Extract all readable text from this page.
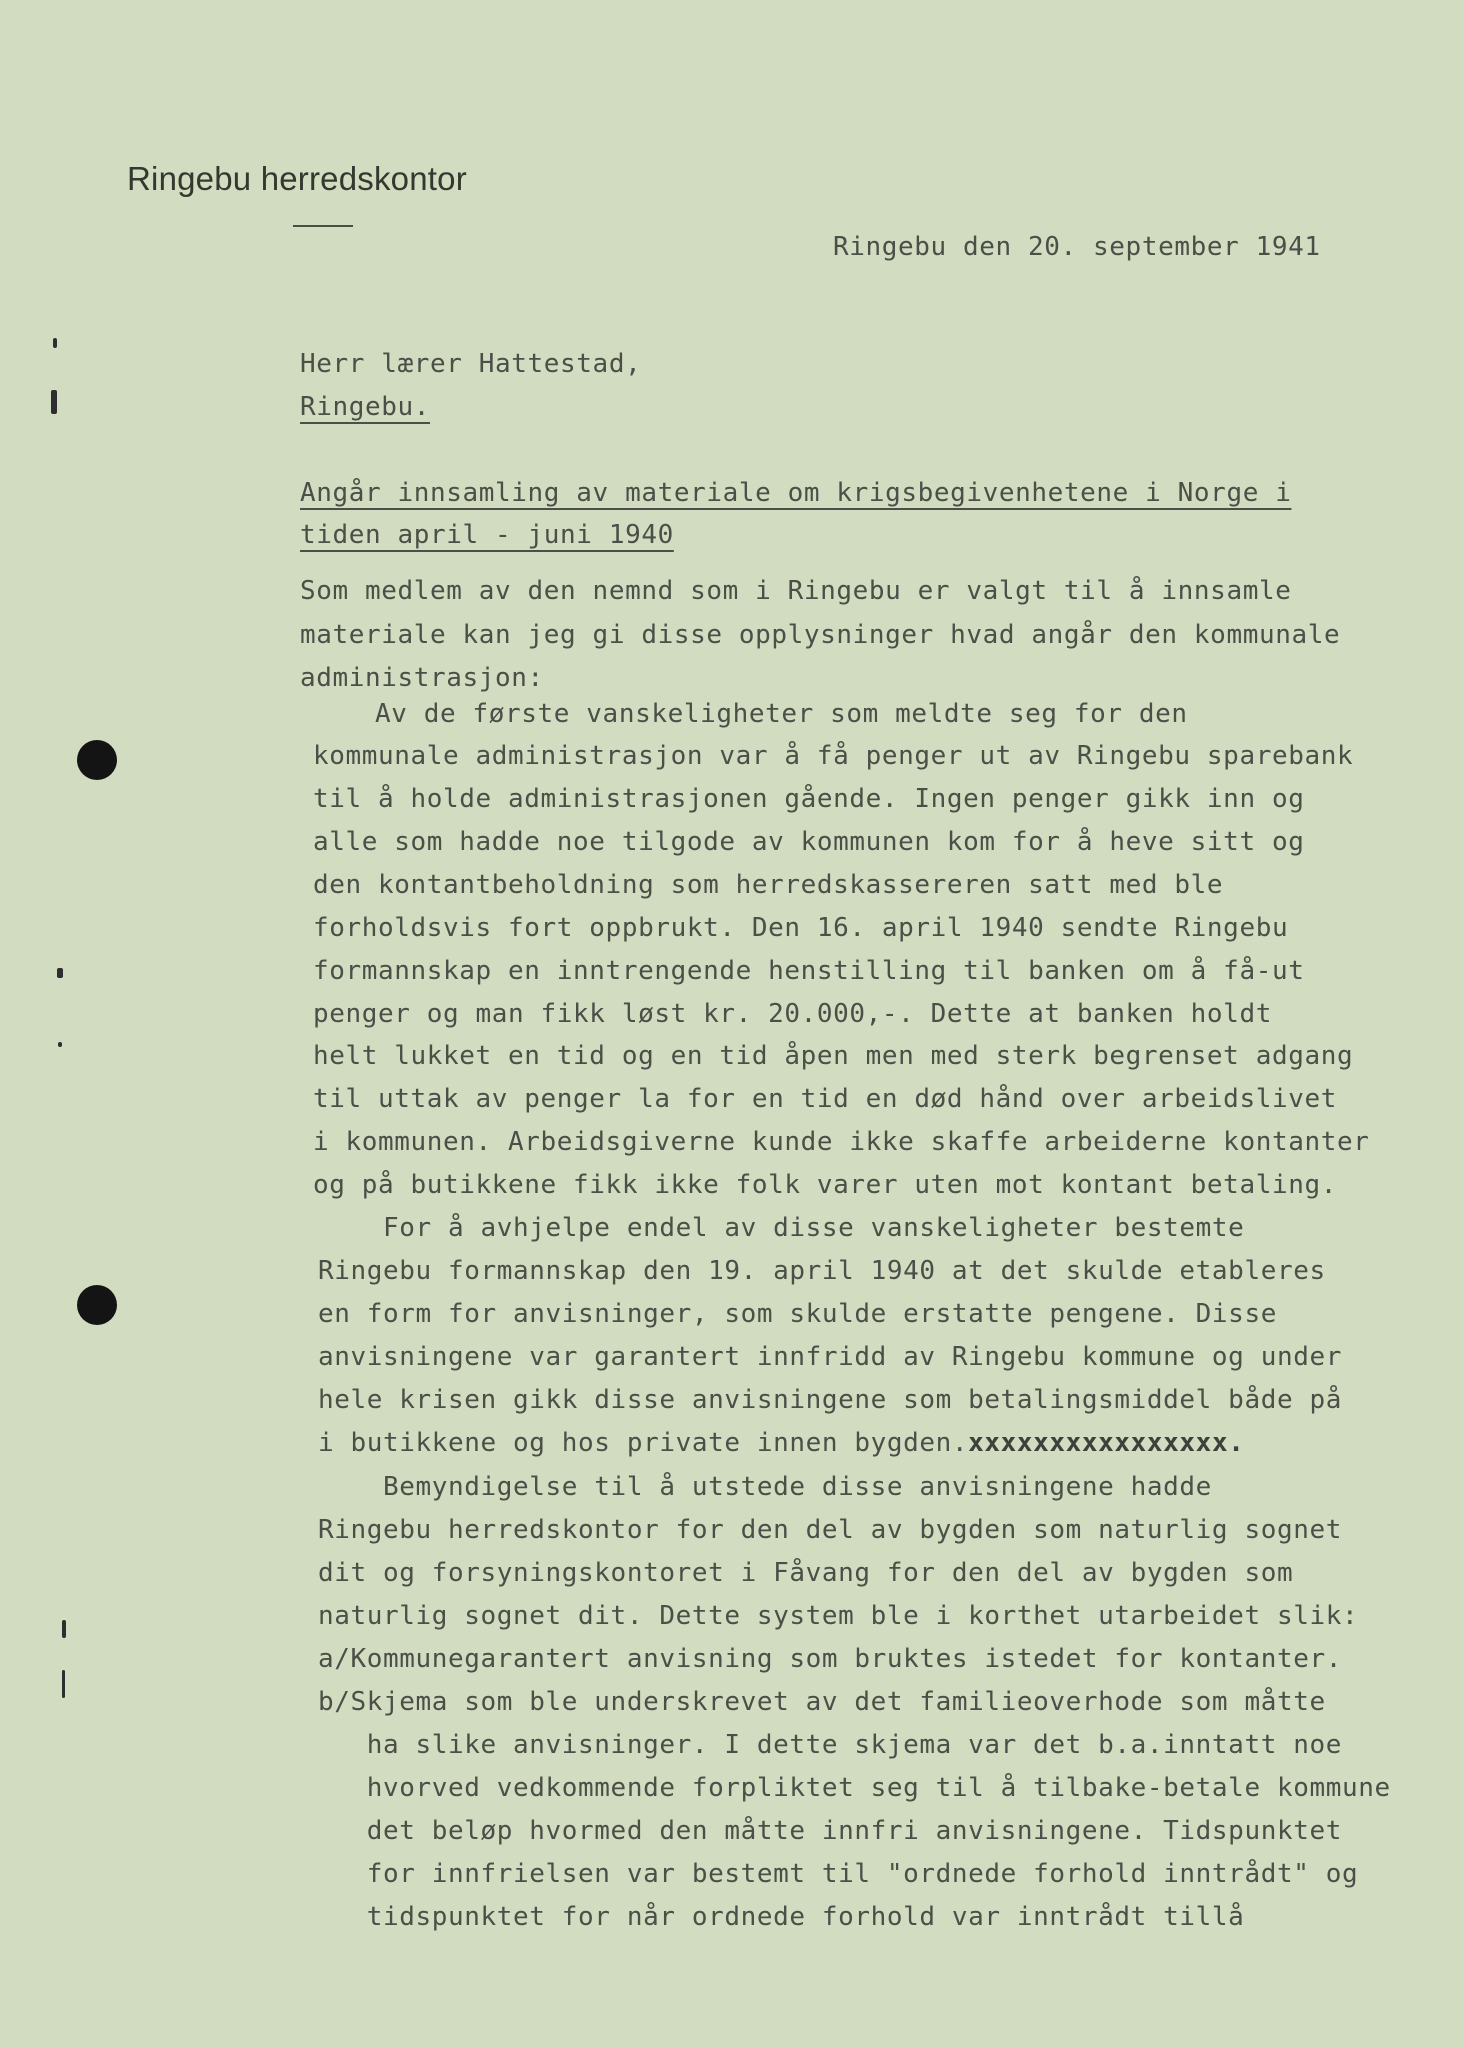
Ringebu herredskontor
Ringebu den 20. september 1941
Herr lærer Hattestad,
Ringebu.
Angår innsamling av materiale om krigsbegivenhetene i Norge i
tiden april - juni 1940
Som medlem av den nemnd som i Ringebu er valgt til å innsamle
materiale kan jeg gi disse opplysninger hvad angår den kommunale
administrasjon:
Av de første vanskeligheter som meldte seg for den
kommunale administrasjon var å få penger ut av Ringebu sparebank
til å holde administrasjonen gående. Ingen penger gikk inn og
alle som hadde noe tilgode av kommunen kom for å heve sitt og
den kontantbeholdning som herredskassereren satt med ble
forholdsvis fort oppbrukt. Den 16. april 1940 sendte Ringebu
formannskap en inntrengende henstilling til banken om å få-ut
penger og man fikk løst kr. 20.000,-. Dette at banken holdt
helt lukket en tid og en tid åpen men med sterk begrenset adgang
til uttak av penger la for en tid en død hånd over arbeidslivet
i kommunen. Arbeidsgiverne kunde ikke skaffe arbeiderne kontanter
og på butikkene fikk ikke folk varer uten mot kontant betaling.
For å avhjelpe endel av disse vanskeligheter bestemte
Ringebu formannskap den 19. april 1940 at det skulde etableres
en form for anvisninger, som skulde erstatte pengene. Disse
anvisningene var garantert innfridd av Ringebu kommune og under
hele krisen gikk disse anvisningene som betalingsmiddel både på
i butikkene og hos private innen bygden.xxxxxxxxxxxxxxxx.
Bemyndigelse til å utstede disse anvisningene hadde
Ringebu herredskontor for den del av bygden som naturlig sognet
dit og forsyningskontoret i Fåvang for den del av bygden som
naturlig sognet dit. Dette system ble i korthet utarbeidet slik:
a/Kommunegarantert anvisning som bruktes istedet for kontanter.
b/Skjema som ble underskrevet av det familieoverhode som måtte
ha slike anvisninger. I dette skjema var det b.a.inntatt noe
hvorved vedkommende forpliktet seg til å tilbake-betale kommune
det beløp hvormed den måtte innfri anvisningene. Tidspunktet
for innfrielsen var bestemt til "ordnede forhold inntrådt" og
tidspunktet for når ordnede forhold var inntrådt tillå
